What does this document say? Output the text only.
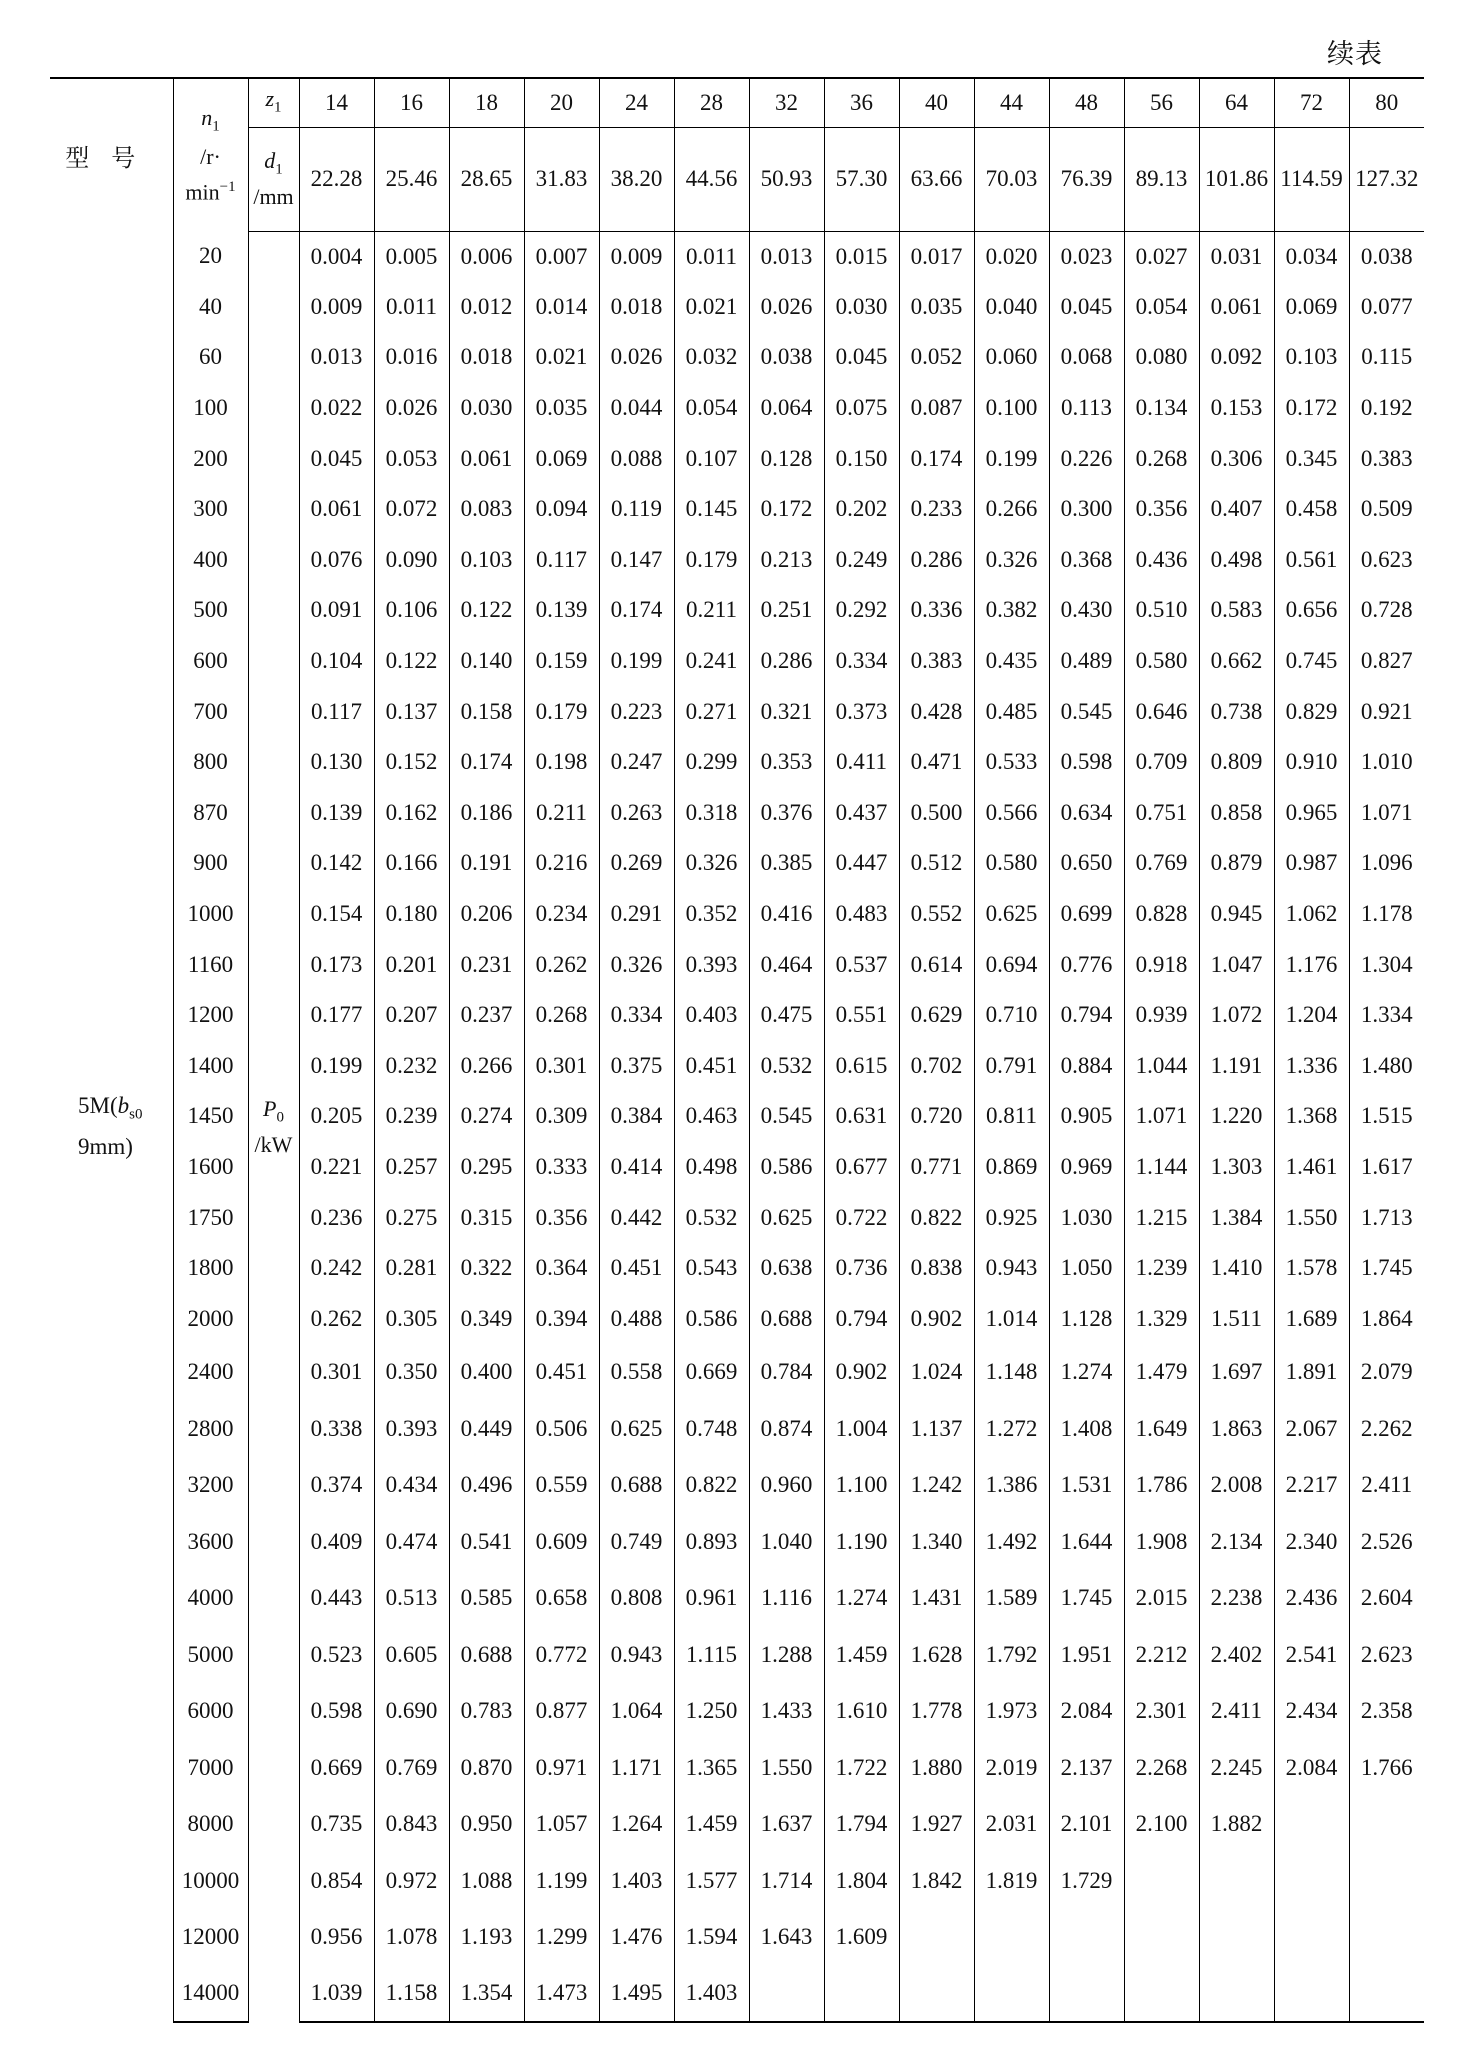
续表
型号	$n_1$
/r·
$\min^{-1}$	$z_1$	14	16	18	20	24	28	32	36	40	44	48	56	64	72	80

		$d_1$
/mm	22.28	25.46	28.65	31.83	38.20	44.56	50.93	57.30	63.66	70.03	76.39	89.13	101.86	114.59	127.32
$5M(b_{s0}$
9mm)	20	$P_0$
/kW	0.004	0.005	0.006	0.007	0.009	0.011	0.013	0.015	0.017	0.020	0.023	0.027	0.031	0.034	0.038
	40		0.009	0.011	0.012	0.014	0.018	0.021	0.026	0.030	0.035	0.040	0.045	0.054	0.061	0.069	0.077
	60		0.013	0.016	0.018	0.021	0.026	0.032	0.038	0.045	0.052	0.060	0.068	0.080	0.092	0.103	0.115
	100		0.022	0.026	0.030	0.035	0.044	0.054	0.064	0.075	0.087	0.100	0.113	0.134	0.153	0.172	0.192
	200		0.045	0.053	0.061	0.069	0.088	0.107	0.128	0.150	0.174	0.199	0.226	0.268	0.306	0.345	0.383
	300		0.061	0.072	0.083	0.094	0.119	0.145	0.172	0.202	0.233	0.266	0.300	0.356	0.407	0.458	0.509
	400		0.076	0.090	0.103	0.117	0.147	0.179	0.213	0.249	0.286	0.326	0.368	0.436	0.498	0.561	0.623
	500		0.091	0.106	0.122	0.139	0.174	0.211	0.251	0.292	0.336	0.382	0.430	0.510	0.583	0.656	0.728
	600		0.104	0.122	0.140	0.159	0.199	0.241	0.286	0.334	0.383	0.435	0.489	0.580	0.662	0.745	0.827
	700		0.117	0.137	0.158	0.179	0.223	0.271	0.321	0.373	0.428	0.485	0.545	0.646	0.738	0.829	0.921
	800		0.130	0.152	0.174	0.198	0.247	0.299	0.353	0.411	0.471	0.533	0.598	0.709	0.809	0.910	1.010
	870		0.139	0.162	0.186	0.211	0.263	0.318	0.376	0.437	0.500	0.566	0.634	0.751	0.858	0.965	1.071
	900		0.142	0.166	0.191	0.216	0.269	0.326	0.385	0.447	0.512	0.580	0.650	0.769	0.879	0.987	1.096
	1000		0.154	0.180	0.206	0.234	0.291	0.352	0.416	0.483	0.552	0.625	0.699	0.828	0.945	1.062	1.178
	1160		0.173	0.201	0.231	0.262	0.326	0.393	0.464	0.537	0.614	0.694	0.776	0.918	1.047	1.176	1.304
	1200		0.177	0.207	0.237	0.268	0.334	0.403	0.475	0.551	0.629	0.710	0.794	0.939	1.072	1.204	1.334
	1400		0.199	0.232	0.266	0.301	0.375	0.451	0.532	0.615	0.702	0.791	0.884	1.044	1.191	1.336	1.480
	1450		0.205	0.239	0.274	0.309	0.384	0.463	0.545	0.631	0.720	0.811	0.905	1.071	1.220	1.368	1.515
	1600		0.221	0.257	0.295	0.333	0.414	0.498	0.586	0.677	0.771	0.869	0.969	1.144	1.303	1.461	1.617
	1750		0.236	0.275	0.315	0.356	0.442	0.532	0.625	0.722	0.822	0.925	1.030	1.215	1.384	1.550	1.713
	1800		0.242	0.281	0.322	0.364	0.451	0.543	0.638	0.736	0.838	0.943	1.050	1.239	1.410	1.578	1.745
	2000		0.262	0.305	0.349	0.394	0.488	0.586	0.688	0.794	0.902	1.014	1.128	1.329	1.511	1.689	1.864
	2400		0.301	0.350	0.400	0.451	0.558	0.669	0.784	0.902	1.024	1.148	1.274	1.479	1.697	1.891	2.079
	2800		0.338	0.393	0.449	0.506	0.625	0.748	0.874	1.004	1.137	1.272	1.408	1.649	1.863	2.067	2.262
	3200		0.374	0.434	0.496	0.559	0.688	0.822	0.960	1.100	1.242	1.386	1.531	1.786	2.008	2.217	2.411
	3600		0.409	0.474	0.541	0.609	0.749	0.893	1.040	1.190	1.340	1.492	1.644	1.908	2.134	2.340	2.526
	4000		0.443	0.513	0.585	0.658	0.808	0.961	1.116	1.274	1.431	1.589	1.745	2.015	2.238	2.436	2.604
	5000		0.523	0.605	0.688	0.772	0.943	1.115	1.288	1.459	1.628	1.792	1.951	2.212	2.402	2.541	2.623
	6000		0.598	0.690	0.783	0.877	1.064	1.250	1.433	1.610	1.778	1.973	2.084	2.301	2.411	2.434	2.358
	7000		0.669	0.769	0.870	0.971	1.171	1.365	1.550	1.722	1.880	2.019	2.137	2.268	2.245	2.084	1.766
	8000		0.735	0.843	0.950	1.057	1.264	1.459	1.637	1.794	1.927	2.031	2.101	2.100	1.882		
	10000		0.854	0.972	1.088	1.199	1.403	1.577	1.714	1.804	1.842	1.819	1.729				
	12000		0.956	1.078	1.193	1.299	1.476	1.594	1.643	1.609							
	14000		1.039	1.158	1.354	1.473	1.495	1.403									
